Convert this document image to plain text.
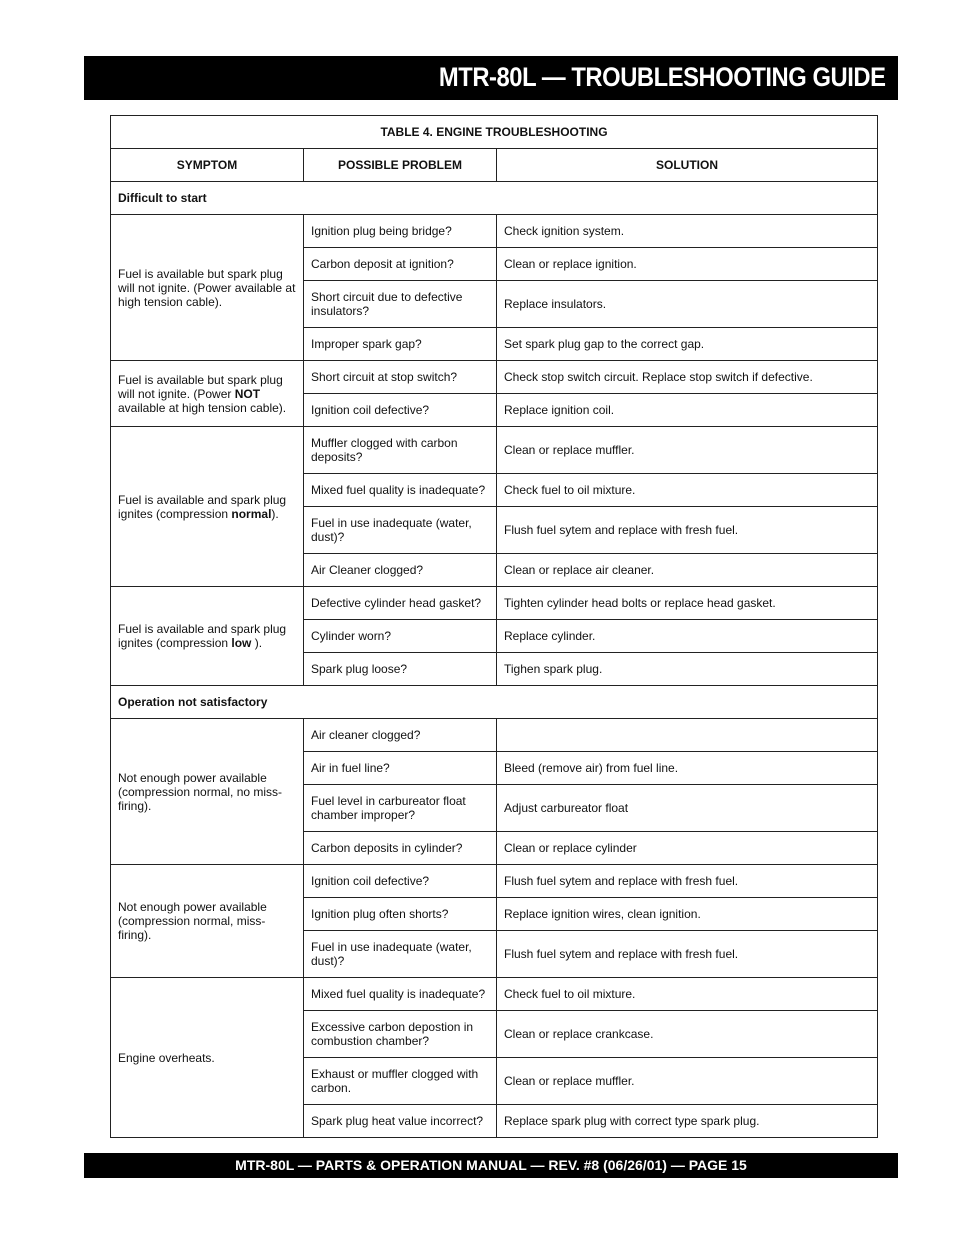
MTR-80L — TROUBLESHOOTING GUIDE
TABLE 4. ENGINE TROUBLESHOOTING		
SYMPTOM	POSSIBLE PROBLEM	SOLUTION
Difficult to start		
Fuel is available but spark plug will not ignite. (Power available at high tension cable).	Ignition plug being bridge?	Check ignition system.
	Carbon deposit at ignition?	Clean or replace ignition.
	Short circuit due to defective insulators?	Replace insulators.
	Improper spark gap?	Set spark plug gap to the correct gap.
Fuel is available but spark plug will not ignite. (Power NOT available at high tension cable).	Short circuit at stop switch?	Check stop switch circuit. Replace stop switch if defective.
	Ignition coil defective?	Replace ignition coil.
Fuel is available and spark plug ignites (compression normal).	Muffler clogged with carbon deposits?	Clean or replace muffler.
	Mixed fuel quality is inadequate?	Check fuel to oil mixture.
	Fuel in use inadequate (water, dust)?	Flush fuel sytem and replace with fresh fuel.
	Air Cleaner clogged?	Clean or replace air cleaner.
Fuel is available and spark plug ignites (compression low ).	Defective cylinder head gasket?	Tighten cylinder head bolts or replace head gasket.
	Cylinder worn?	Replace cylinder.
	Spark plug loose?	Tighen spark plug.
Operation not satisfactory		
Not enough power available (compression normal, no miss-firing).	Air cleaner clogged?	
	Air in fuel line?	Bleed (remove air) from fuel line.
	Fuel level in carbureator float chamber improper?	Adjust carbureator float
	Carbon deposits in cylinder?	Clean or replace cylinder
Not enough power available (compression normal, miss-firing).	Ignition coil defective?	Flush fuel sytem and replace with fresh fuel.
	Ignition plug often shorts?	Replace ignition wires, clean ignition.
	Fuel in use inadequate (water, dust)?	Flush fuel sytem and replace with fresh fuel.
Engine overheats.	Mixed fuel quality is inadequate?	Check fuel to oil mixture.
	Excessive carbon depostion in combustion chamber?	Clean or replace crankcase.
	Exhaust or muffler clogged with carbon.	Clean or replace muffler.
	Spark plug heat value incorrect?	Replace spark plug with correct type spark plug.
MTR-80L — PARTS & OPERATION MANUAL — REV. #8 (06/26/01) — PAGE 15
